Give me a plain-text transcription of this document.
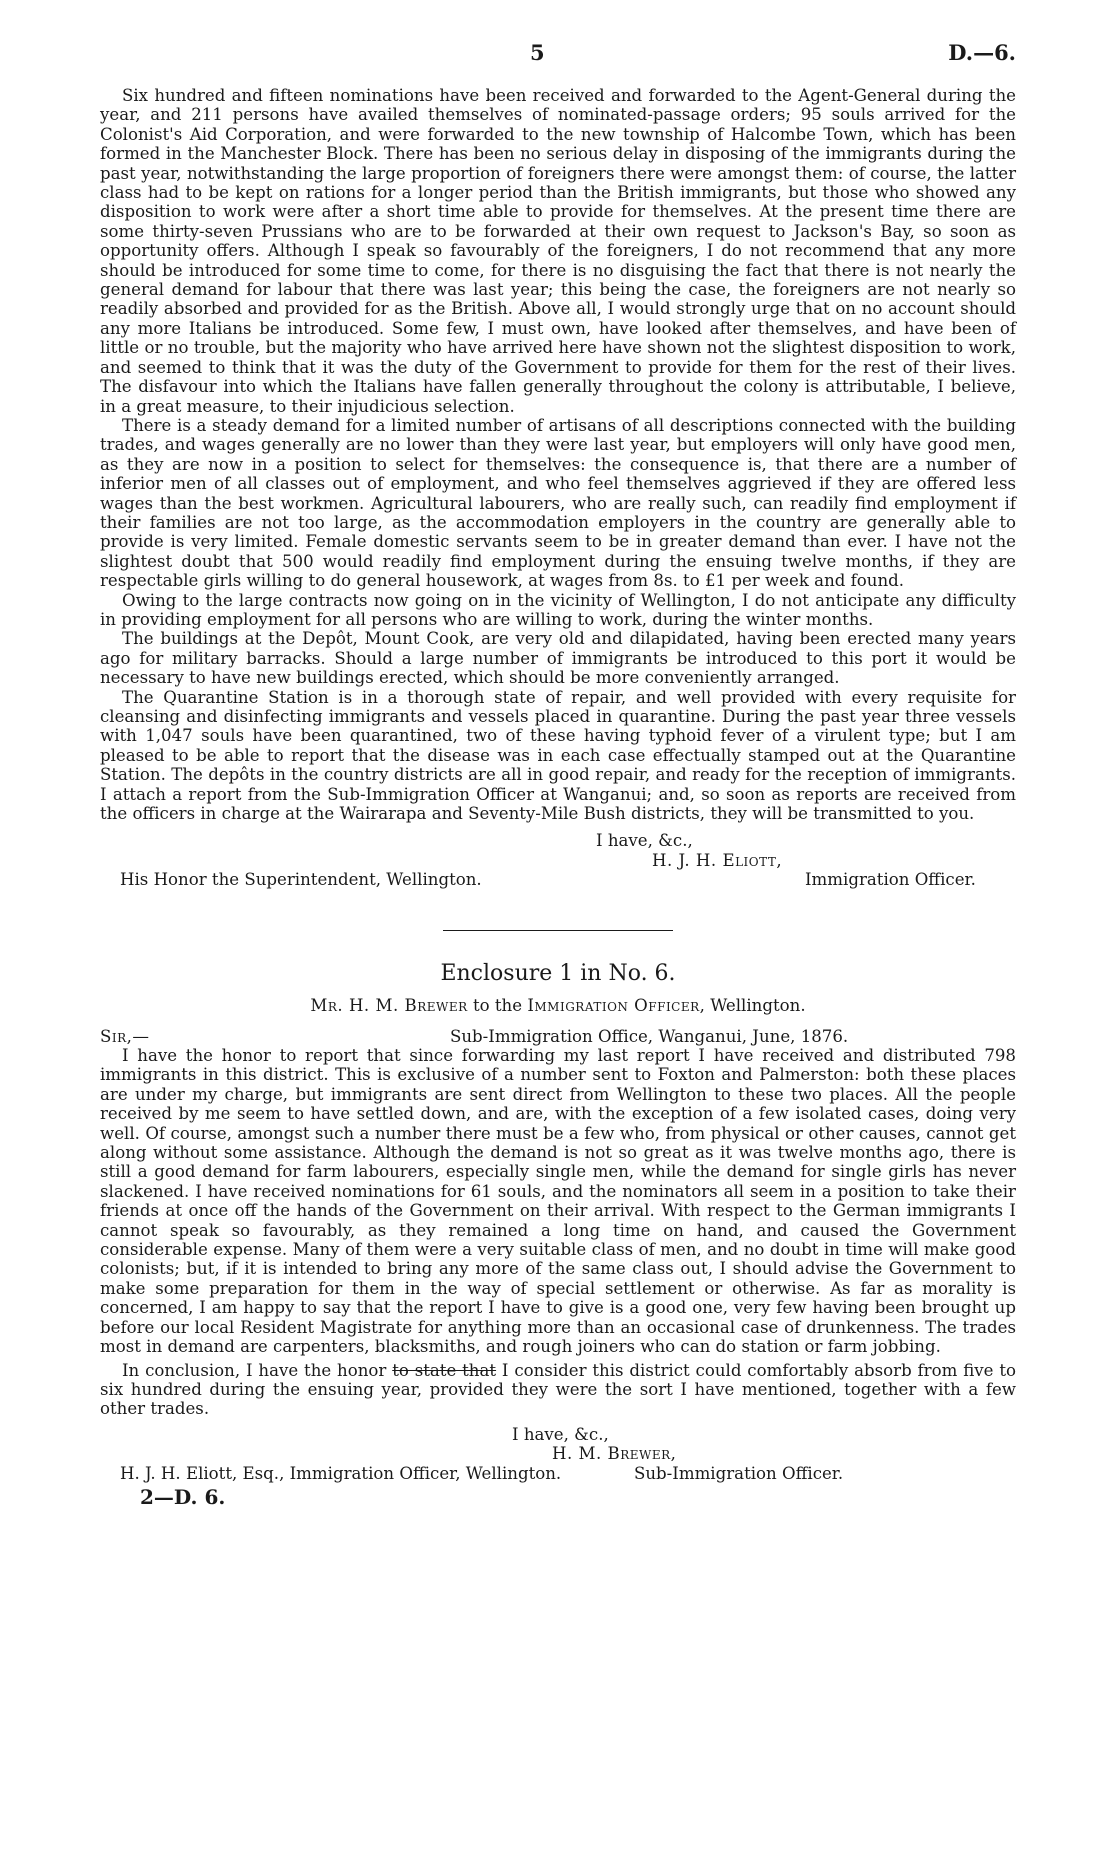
5	D.—6.

Six hundred and fifteen nominations have been received and forwarded to the Agent-General during the year, and 211 persons have availed themselves of nominated-passage orders; 95 souls arrived for the Colonist's Aid Corporation, and were forwarded to the new township of Halcombe Town, which has been formed in the Manchester Block. There has been no serious delay in disposing of the immigrants during the past year, notwithstanding the large proportion of foreigners there were amongst them: of course, the latter class had to be kept on rations for a longer period than the British immigrants, but those who showed any disposition to work were after a short time able to provide for themselves. At the present time there are some thirty-seven Prussians who are to be forwarded at their own request to Jackson's Bay, so soon as opportunity offers. Although I speak so favourably of the foreigners, I do not recommend that any more should be introduced for some time to come, for there is no disguising the fact that there is not nearly the general demand for labour that there was last year; this being the case, the foreigners are not nearly so readily absorbed and provided for as the British. Above all, I would strongly urge that on no account should any more Italians be introduced. Some few, I must own, have looked after themselves, and have been of little or no trouble, but the majority who have arrived here have shown not the slightest disposition to work, and seemed to think that it was the duty of the Government to provide for them for the rest of their lives. The disfavour into which the Italians have fallen generally throughout the colony is attributable, I believe, in a great measure, to their injudicious selection.

There is a steady demand for a limited number of artisans of all descriptions connected with the building trades, and wages generally are no lower than they were last year, but employers will only have good men, as they are now in a position to select for themselves: the consequence is, that there are a number of inferior men of all classes out of employment, and who feel themselves aggrieved if they are offered less wages than the best workmen. Agricultural labourers, who are really such, can readily find employment if their families are not too large, as the accommodation employers in the country are generally able to provide is very limited. Female domestic servants seem to be in greater demand than ever. I have not the slightest doubt that 500 would readily find employment during the ensuing twelve months, if they are respectable girls willing to do general housework, at wages from 8s. to £1 per week and found.

Owing to the large contracts now going on in the vicinity of Wellington, I do not anticipate any difficulty in providing employment for all persons who are willing to work, during the winter months.

The buildings at the Depôt, Mount Cook, are very old and dilapidated, having been erected many years ago for military barracks. Should a large number of immigrants be introduced to this port it would be necessary to have new buildings erected, which should be more conveniently arranged.

The Quarantine Station is in a thorough state of repair, and well provided with every requisite for cleansing and disinfecting immigrants and vessels placed in quarantine. During the past year three vessels with 1,047 souls have been quarantined, two of these having typhoid fever of a virulent type; but I am pleased to be able to report that the disease was in each case effectually stamped out at the Quarantine Station. The depôts in the country districts are all in good repair, and ready for the reception of immigrants. I attach a report from the Sub-Immigration Officer at Wanganui; and, so soon as reports are received from the officers in charge at the Wairarapa and Seventy-Mile Bush districts, they will be transmitted to you.

I have, &c.,
H. J. H. Eliott,
His Honor the Superintendent, Wellington.	Immigration Officer.
Enclosure 1 in No. 6.

Mr. H. M. Brewer to the Immigration Officer, Wellington.

Sir,—	Sub-Immigration Office, Wanganui, June, 1876.

I have the honor to report that since forwarding my last report I have received and distributed 798 immigrants in this district. This is exclusive of a number sent to Foxton and Palmerston: both these places are under my charge, but immigrants are sent direct from Wellington to these two places. All the people received by me seem to have settled down, and are, with the exception of a few isolated cases, doing very well. Of course, amongst such a number there must be a few who, from physical or other causes, cannot get along without some assistance. Although the demand is not so great as it was twelve months ago, there is still a good demand for farm labourers, especially single men, while the demand for single girls has never slackened. I have received nominations for 61 souls, and the nominators all seem in a position to take their friends at once off the hands of the Government on their arrival. With respect to the German immigrants I cannot speak so favourably, as they remained a long time on hand, and caused the Government considerable expense. Many of them were a very suitable class of men, and no doubt in time will make good colonists; but, if it is intended to bring any more of the same class out, I should advise the Government to make some preparation for them in the way of special settlement or otherwise. As far as morality is concerned, I am happy to say that the report I have to give is a good one, very few having been brought up before our local Resident Magistrate for anything more than an occasional case of drunkenness. The trades most in demand are carpenters, blacksmiths, and rough joiners who can do station or farm jobbing.

In conclusion, I have the honor to state that I consider this district could comfortably absorb from five to six hundred during the ensuing year, provided they were the sort I have mentioned, together with a few other trades.

I have, &c.,
H. M. Brewer,
H. J. H. Eliott, Esq., Immigration Officer, Wellington.	Sub-Immigration Officer.
2—D. 6.
